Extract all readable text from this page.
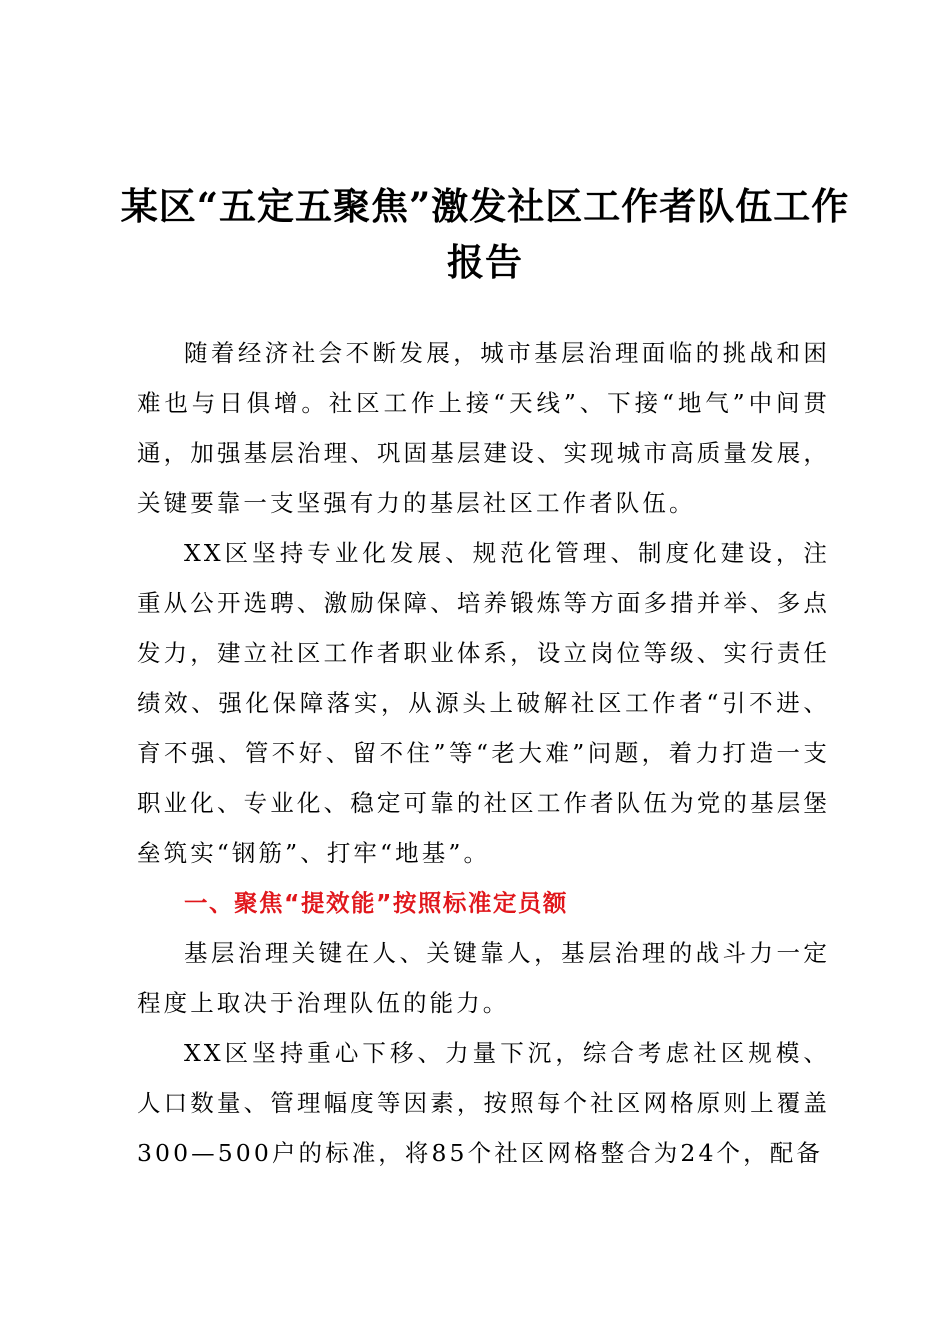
某区“五定五聚焦”激发社区工作者队伍工作报告

随着经济社会不断发展，城市基层治理面临的挑战和困难也与日俱增。社区工作上接“天线”、下接“地气”中间贯通，加强基层治理、巩固基层建设、实现城市高质量发展，关键要靠一支坚强有力的基层社区工作者队伍。

XX区坚持专业化发展、规范化管理、制度化建设，注重从公开选聘、激励保障、培养锻炼等方面多措并举、多点发力，建立社区工作者职业体系，设立岗位等级、实行责任绩效、强化保障落实，从源头上破解社区工作者“引不进、育不强、管不好、留不住”等“老大难”问题，着力打造一支职业化、专业化、稳定可靠的社区工作者队伍为党的基层堡垒筑实“钢筋”、打牢“地基”。

一、聚焦“提效能”按照标准定员额

基层治理关键在人、关键靠人，基层治理的战斗力一定程度上取决于治理队伍的能力。

XX区坚持重心下移、力量下沉，综合考虑社区规模、人口数量、管理幅度等因素，按照每个社区网格原则上覆盖300—500户的标准，将85个社区网格整合为24个，配备
